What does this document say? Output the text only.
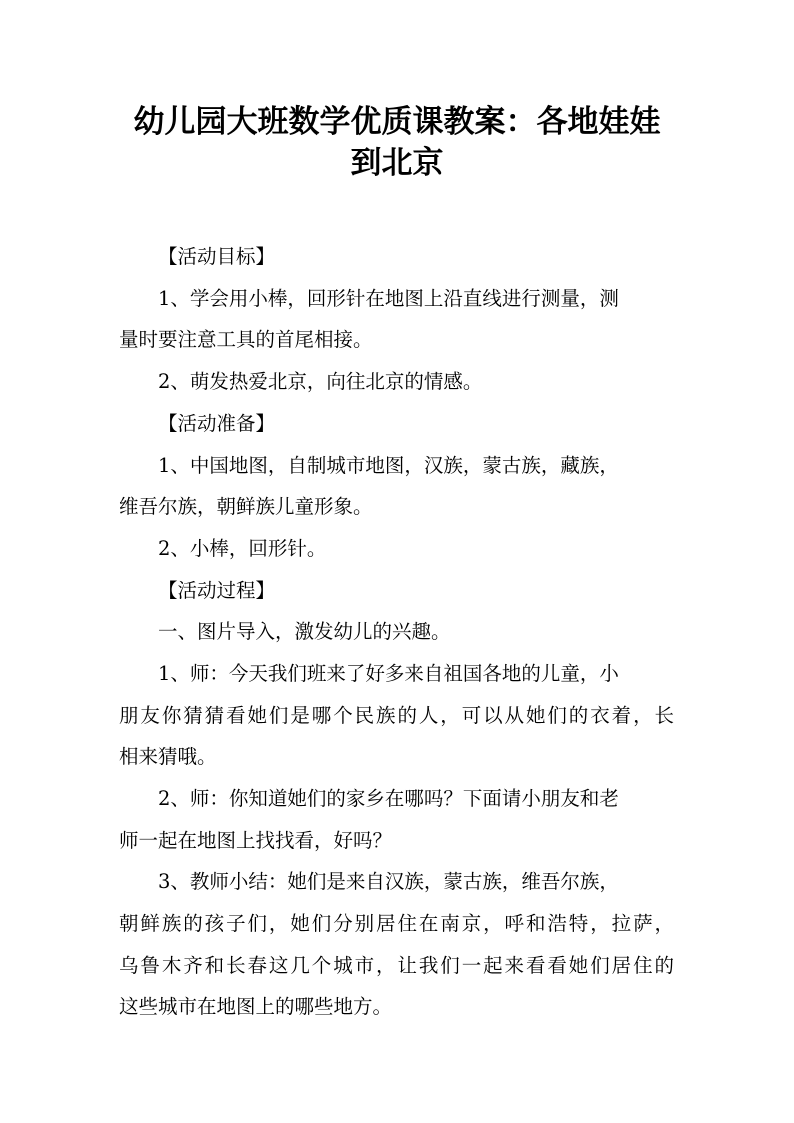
幼儿园大班数学优质课教案：各地娃娃
到北京
【活动目标】
1、学会用小棒，回形针在地图上沿直线进行测量，测
量时要注意工具的首尾相接。
2、萌发热爱北京，向往北京的情感。
【活动准备】
1、中国地图，自制城市地图，汉族，蒙古族，藏族，
维吾尔族，朝鲜族儿童形象。
2、小棒，回形针。
【活动过程】
一、图片导入，激发幼儿的兴趣。
1、师：今天我们班来了好多来自祖国各地的儿童，小
朋友你猜猜看她们是哪个民族的人，可以从她们的衣着，长
相来猜哦。
2、师：你知道她们的家乡在哪吗？下面请小朋友和老
师一起在地图上找找看，好吗？
3、教师小结：她们是来自汉族，蒙古族，维吾尔族，
朝鲜族的孩子们，她们分别居住在南京，呼和浩特，拉萨，
乌鲁木齐和长春这几个城市，让我们一起来看看她们居住的
这些城市在地图上的哪些地方。
